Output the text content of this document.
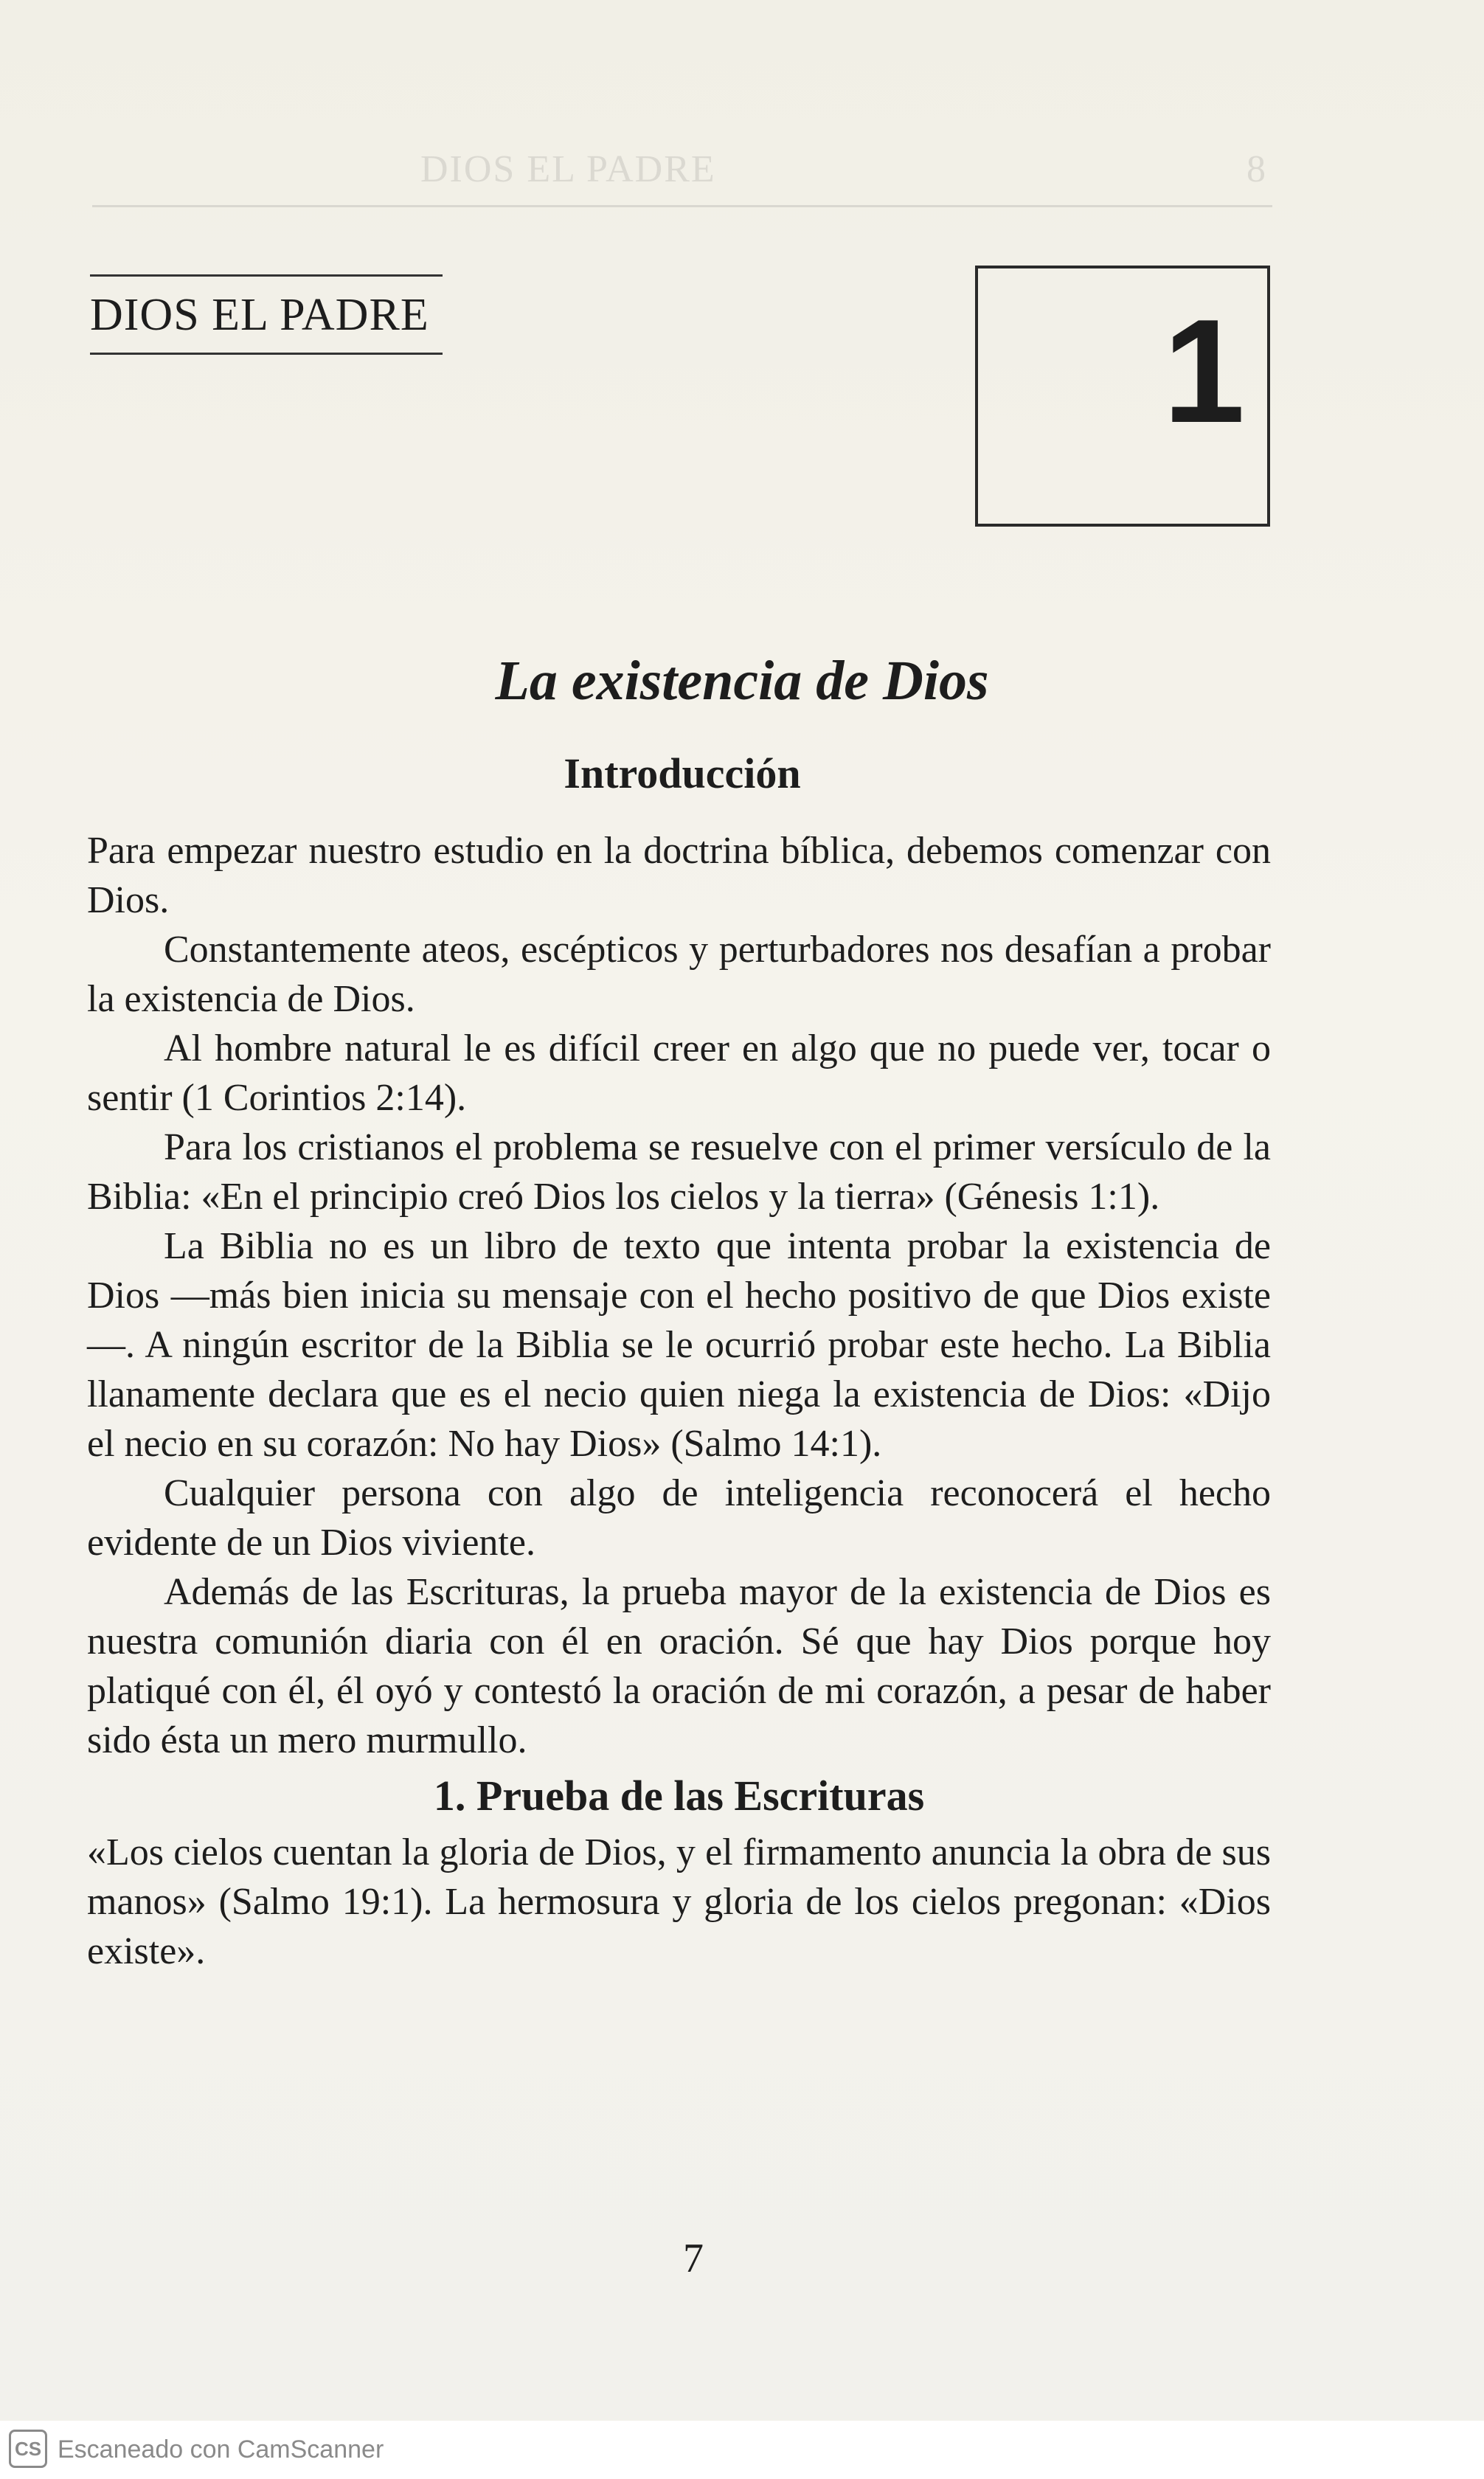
DIOS EL PADRE	8
DIOS EL PADRE	1
La existencia de Dios
Introducción

Para empezar nuestro estudio en la doctrina bíblica, debemos comenzar con Dios.

Constantemente ateos, escépticos y perturbadores nos desafían a probar la existencia de Dios.

Al hombre natural le es difícil creer en algo que no puede ver, tocar o sentir (1 Corintios 2:14).

Para los cristianos el problema se resuelve con el primer versículo de la Biblia: «En el principio creó Dios los cielos y la tierra» (Génesis 1:1).

La Biblia no es un libro de texto que intenta probar la existencia de Dios —más bien inicia su mensaje con el hecho positivo de que Dios existe—. A ningún escritor de la Biblia se le ocurrió probar este hecho. La Biblia llanamente declara que es el necio quien niega la existencia de Dios: «Dijo el necio en su corazón: No hay Dios» (Salmo 14:1).

Cualquier persona con algo de inteligencia reconocerá el hecho evidente de un Dios viviente.

Además de las Escrituras, la prueba mayor de la existencia de Dios es nuestra comunión diaria con él en oración. Sé que hay Dios porque hoy platiqué con él, él oyó y contestó la oración de mi corazón, a pesar de haber sido ésta un mero murmullo.

1. Prueba de las Escrituras

«Los cielos cuentan la gloria de Dios, y el firmamento anuncia la obra de sus manos» (Salmo 19:1). La hermosura y gloria de los cielos pregonan: «Dios existe».

7
CS Escaneado con CamScanner
